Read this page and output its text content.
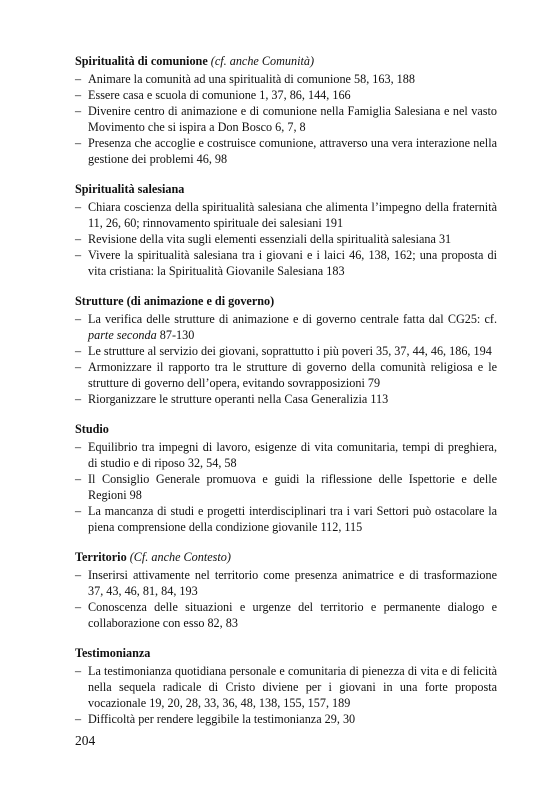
Spiritualità di comunione (cf. anche Comunità)
– Animare la comunità ad una spiritualità di comunione 58, 163, 188
– Essere casa e scuola di comunione 1, 37, 86, 144, 166
– Divenire centro di animazione e di comunione nella Famiglia Salesiana e nel vasto Movimento che si ispira a Don Bosco 6, 7, 8
– Presenza che accoglie e costruisce comunione, attraverso una vera interazione nella gestione dei problemi 46, 98
Spiritualità salesiana
– Chiara coscienza della spiritualità salesiana che alimenta l’impegno della fraternità 11, 26, 60; rinnovamento spirituale dei salesiani 191
– Revisione della vita sugli elementi essenziali della spiritualità salesiana 31
– Vivere la spiritualità salesiana tra i giovani e i laici 46, 138, 162; una proposta di vita cristiana: la Spiritualità Giovanile Salesiana 183
Strutture (di animazione e di governo)
– La verifica delle strutture di animazione e di governo centrale fatta dal CG25: cf. parte seconda 87-130
– Le strutture al servizio dei giovani, soprattutto i più poveri 35, 37, 44, 46, 186, 194
– Armonizzare il rapporto tra le strutture di governo della comunità religiosa e le strutture di governo dell’opera, evitando sovrapposizioni 79
– Riorganizzare le strutture operanti nella Casa Generalizia 113
Studio
– Equilibrio tra impegni di lavoro, esigenze di vita comunitaria, tempi di preghiera, di studio e di riposo 32, 54, 58
– Il Consiglio Generale promuova e guidi la riflessione delle Ispettorie e delle Regioni 98
– La mancanza di studi e progetti interdisciplinari tra i vari Settori può ostacolare la piena comprensione della condizione giovanile 112, 115
Territorio (Cf. anche Contesto)
– Inserirsi attivamente nel territorio come presenza animatrice e di trasformazione 37, 43, 46, 81, 84, 193
– Conoscenza delle situazioni e urgenze del territorio e permanente dialogo e collaborazione con esso 82, 83
Testimonianza
– La testimonianza quotidiana personale e comunitaria di pienezza di vita e di felicità nella sequela radicale di Cristo diviene per i giovani in una forte proposta vocazionale 19, 20, 28, 33, 36, 48, 138, 155, 157, 189
– Difficoltà per rendere leggibile la testimonianza 29, 30
204
